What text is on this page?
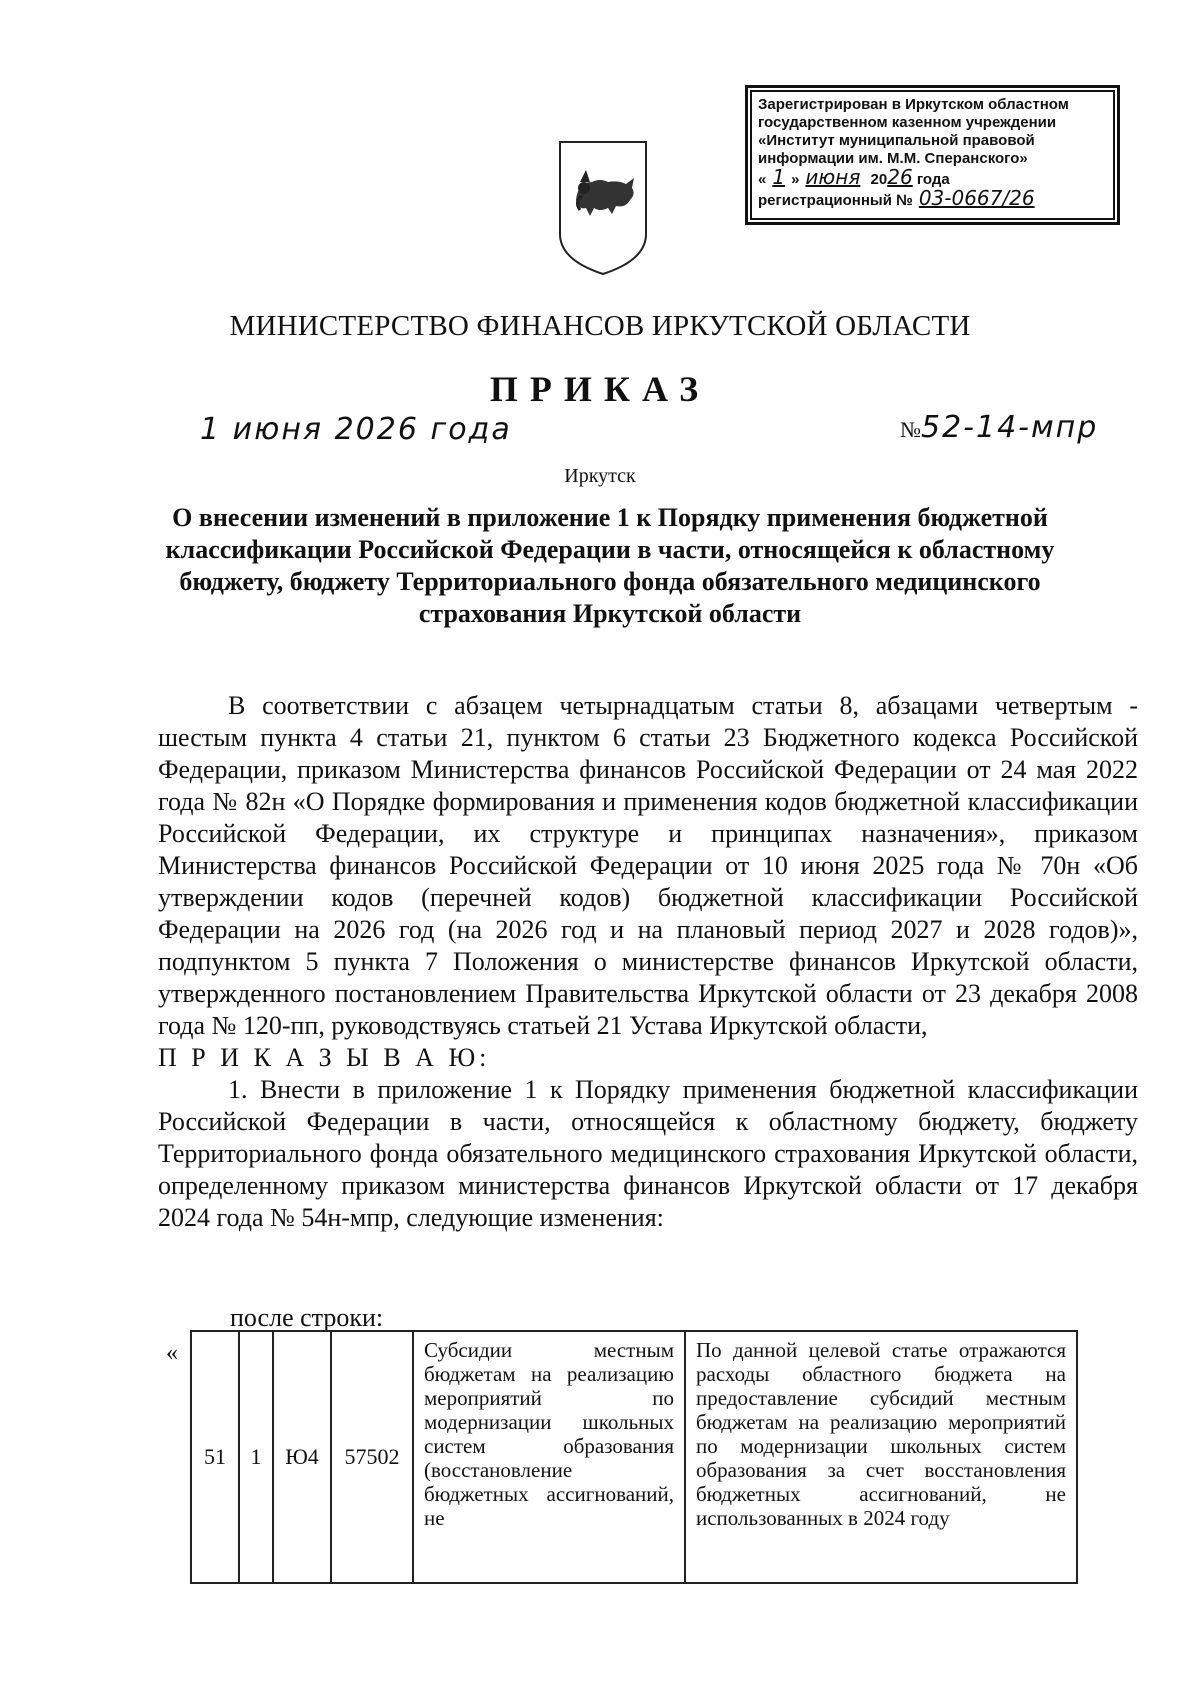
Зарегистрирован в Иркутском областном
государственном казенном учреждении
«Институт муниципальной правовой
информации им. М.М. Сперанского»
« 1 » июня 2026 года
регистрационный № 03-0667/26
МИНИСТЕРСТВО ФИНАНСОВ ИРКУТСКОЙ ОБЛАСТИ
ПРИКАЗ
1 июня 2026 года	№52-14-мпр
Иркутск
О внесении изменений в приложение 1 к Порядку применения бюджетной классификации Российской Федерации в части, относящейся к областному бюджету, бюджету Территориального фонда обязательного медицинского страхования Иркутской области

В соответствии с абзацем четырнадцатым статьи 8, абзацами четвертым - шестым пункта 4 статьи 21, пунктом 6 статьи 23 Бюджетного кодекса Российской Федерации, приказом Министерства финансов Российской Федерации от 24 мая 2022 года № 82н «О Порядке формирования и применения кодов бюджетной классификации Российской Федерации, их структуре и принципах назначения», приказом Министерства финансов Российской Федерации от 10 июня 2025 года № 70н «Об утверждении кодов (перечней кодов) бюджетной классификации Российской Федерации на 2026 год (на 2026 год и на плановый период 2027 и 2028 годов)», подпунктом 5 пункта 7 Положения о министерстве финансов Иркутской области, утвержденного постановлением Правительства Иркутской области от 23 декабря 2008 года № 120-пп, руководствуясь статьей 21 Устава Иркутской области,

П Р И К А З Ы В А Ю:

1. Внести в приложение 1 к Порядку применения бюджетной классификации Российской Федерации в части, относящейся к областному бюджету, бюджету Территориального фонда обязательного медицинского страхования Иркутской области, определенному приказом министерства финансов Иркутской области от 17 декабря 2024 года № 54н-мпр, следующие изменения:

после строки:
«
51	1	Ю4	57502	Субсидии местным бюджетам на реализацию мероприятий по модернизации школьных систем образования (восстановление бюджетных ассигнований, не	По данной целевой статье отражаются расходы областного бюджета на предоставление субсидий местным бюджетам на реализацию мероприятий по модернизации школьных систем образования за счет восстановления бюджетных ассигнований, не использованных в 2024 году
